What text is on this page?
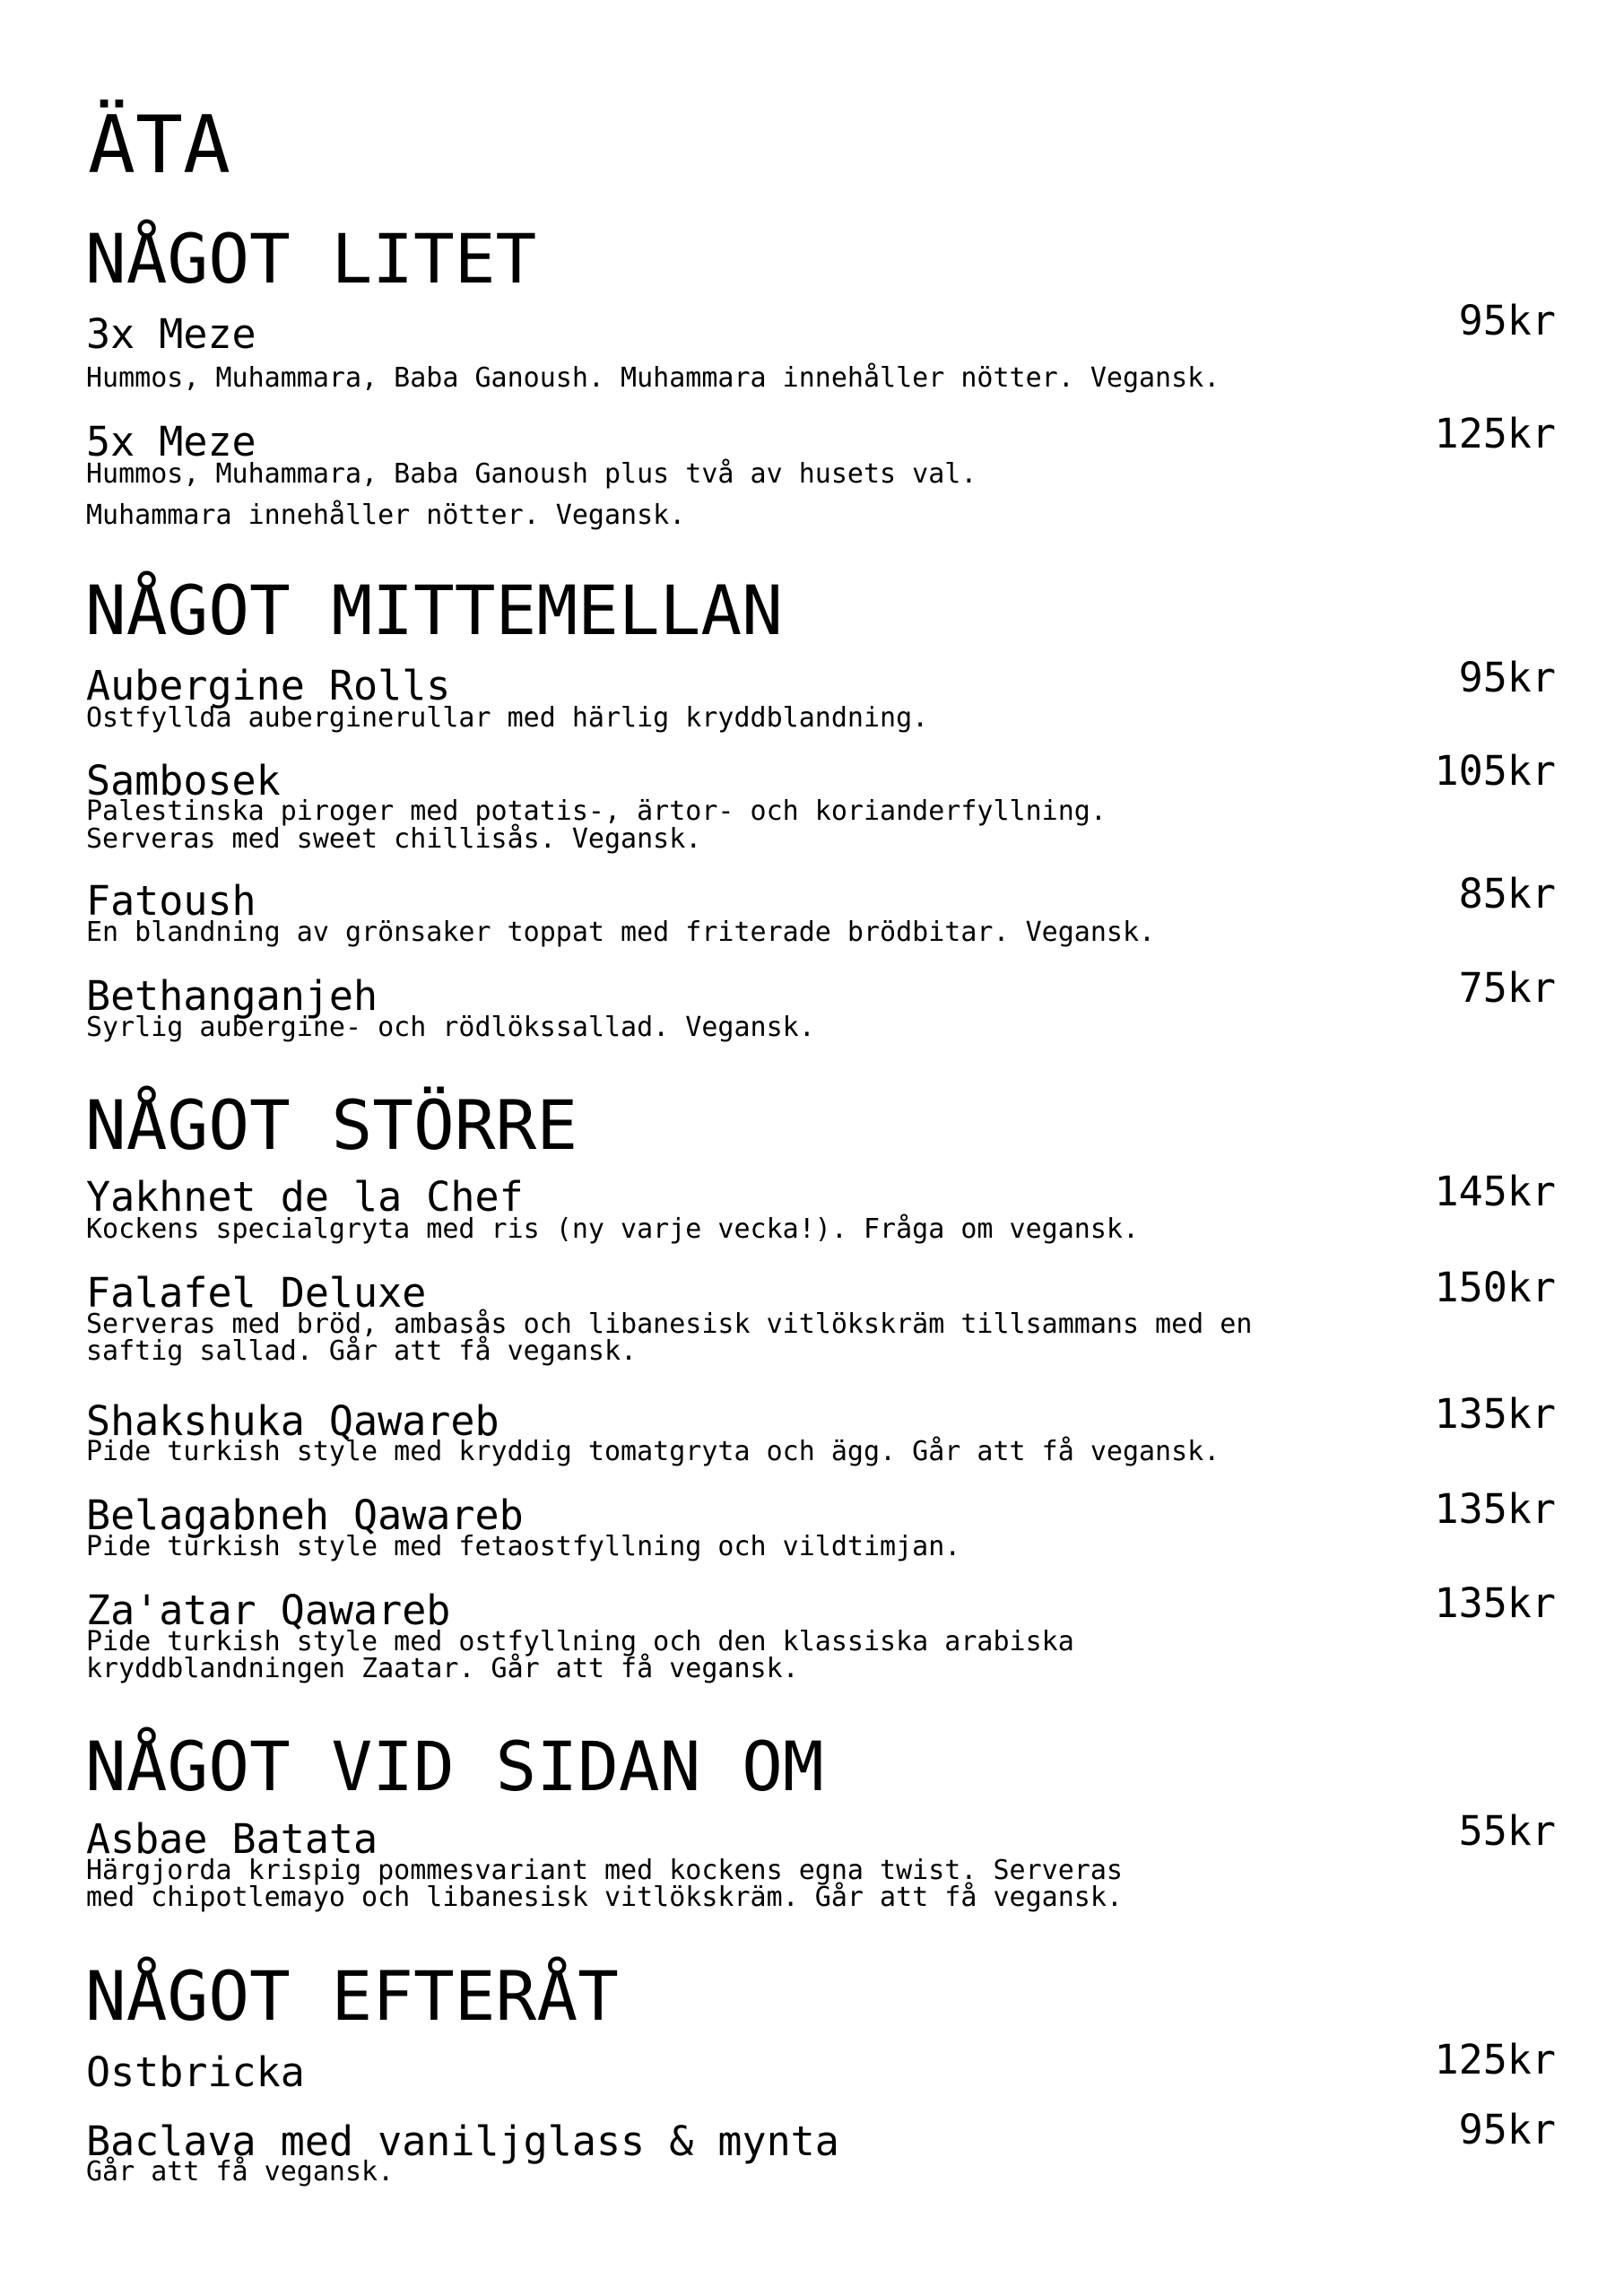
ÄTA
NÅGOT LITET
3x Meze	95kr
Hummos, Muhammara, Baba Ganoush. Muhammara innehåller nötter. Vegansk.
5x Meze	125kr
Hummos, Muhammara, Baba Ganoush plus två av husets val.
Muhammara innehåller nötter. Vegansk.
NÅGOT MITTEMELLAN
Aubergine Rolls	95kr
Ostfyllda auberginerullar med härlig kryddblandning.
Sambosek	105kr
Palestinska piroger med potatis-, ärtor- och korianderfyllning.
Serveras med sweet chillisås. Vegansk.
Fatoush	85kr
En blandning av grönsaker toppat med friterade brödbitar. Vegansk.
Bethanganjeh	75kr
Syrlig aubergine- och rödlökssallad. Vegansk.
NÅGOT STÖRRE
Yakhnet de la Chef	145kr
Kockens specialgryta med ris (ny varje vecka!). Fråga om vegansk.
Falafel Deluxe	150kr
Serveras med bröd, ambasås och libanesisk vitlökskräm tillsammans med en
saftig sallad. Går att få vegansk.
Shakshuka Qawareb	135kr
Pide turkish style med kryddig tomatgryta och ägg. Går att få vegansk.
Belagabneh Qawareb	135kr
Pide turkish style med fetaostfyllning och vildtimjan.
Za'atar Qawareb	135kr
Pide turkish style med ostfyllning och den klassiska arabiska
kryddblandningen Zaatar. Går att få vegansk.
NÅGOT VID SIDAN OM
Asbae Batata	55kr
Härgjorda krispig pommesvariant med kockens egna twist. Serveras
med chipotlemayo och libanesisk vitlökskräm. Går att få vegansk.
NÅGOT EFTERÅT
Ostbricka	125kr
Baclava med vaniljglass & mynta	95kr
Går att få vegansk.
